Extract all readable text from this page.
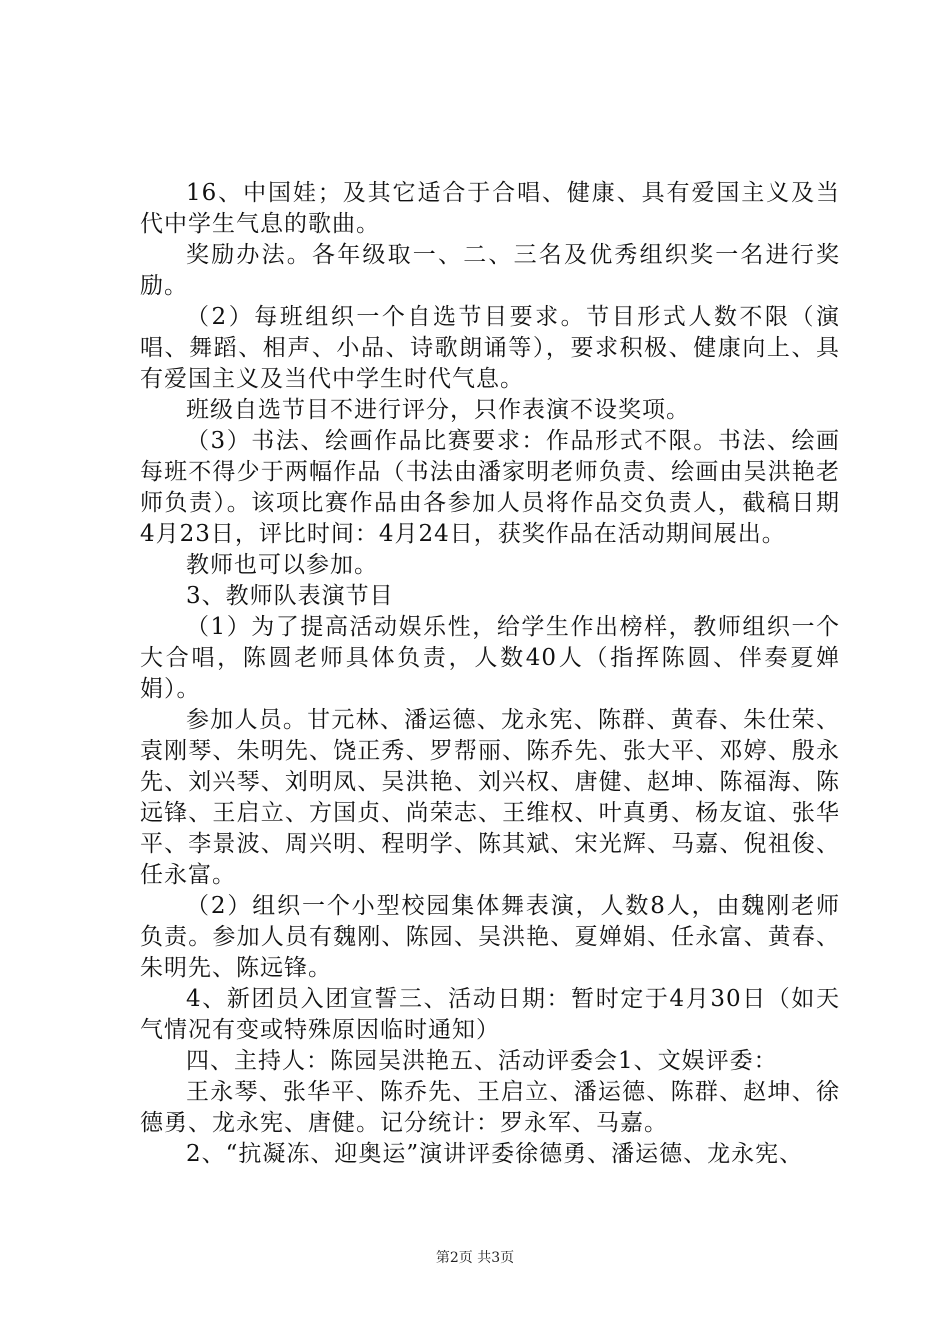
16、中国娃；及其它适合于合唱、健康、具有爱国主义及当代中学生气息的歌曲。

奖励办法。各年级取一、二、三名及优秀组织奖一名进行奖励。

（2）每班组织一个自选节目要求。节目形式人数不限（演唱、舞蹈、相声、小品、诗歌朗诵等），要求积极、健康向上、具有爱国主义及当代中学生时代气息。

班级自选节目不进行评分，只作表演不设奖项。

（3）书法、绘画作品比赛要求：作品形式不限。书法、绘画每班不得少于两幅作品（书法由潘家明老师负责、绘画由吴洪艳老师负责）。该项比赛作品由各参加人员将作品交负责人，截稿日期4月23日，评比时间：4月24日，获奖作品在活动期间展出。

教师也可以参加。

3、教师队表演节目

（1）为了提高活动娱乐性，给学生作出榜样，教师组织一个大合唱，陈圆老师具体负责，人数40人（指挥陈圆、伴奏夏婵娟）。

参加人员。甘元林、潘运德、龙永宪、陈群、黄春、朱仕荣、袁刚琴、朱明先、饶正秀、罗帮丽、陈乔先、张大平、邓婷、殷永先、刘兴琴、刘明凤、吴洪艳、刘兴权、唐健、赵坤、陈福海、陈远锋、王启立、方国贞、尚荣志、王维权、叶真勇、杨友谊、张华平、李景波、周兴明、程明学、陈其斌、宋光辉、马嘉、倪祖俊、任永富。

（2）组织一个小型校园集体舞表演，人数8人，由魏刚老师负责。参加人员有魏刚、陈园、吴洪艳、夏婵娟、任永富、黄春、朱明先、陈远锋。

4、新团员入团宣誓三、活动日期：暂时定于4月30日（如天气情况有变或特殊原因临时通知）

四、主持人：陈园吴洪艳五、活动评委会1、文娱评委：

王永琴、张华平、陈乔先、王启立、潘运德、陈群、赵坤、徐德勇、龙永宪、唐健。记分统计：罗永军、马嘉。

2、“抗凝冻、迎奥运”演讲评委徐德勇、潘运德、龙永宪、

第2页 共3页
